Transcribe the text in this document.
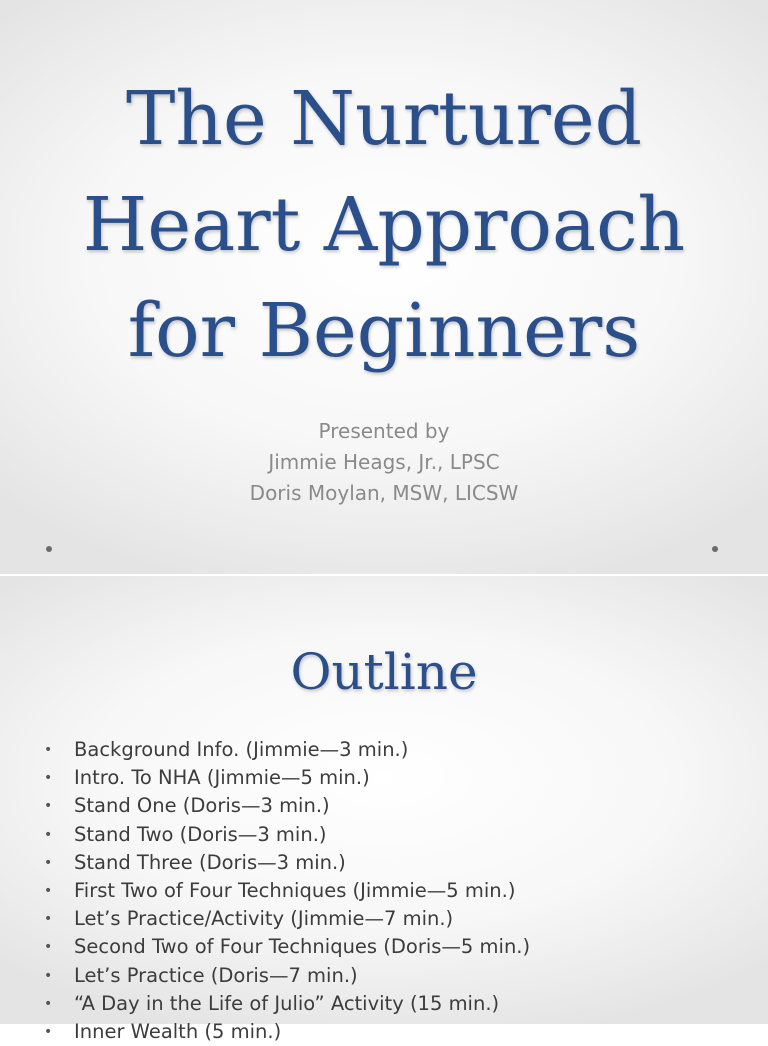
The Nurtured
Heart Approach
for Beginners
Presented by
Jimmie Heags, Jr., LPSC
Doris Moylan, MSW, LICSW
Outline
• Background Info. (Jimmie—3 min.)
• Intro. To NHA (Jimmie—5 min.)
• Stand One (Doris—3 min.)
• Stand Two (Doris—3 min.)
• Stand Three (Doris—3 min.)
• First Two of Four Techniques (Jimmie—5 min.)
• Let’s Practice/Activity (Jimmie—7 min.)
• Second Two of Four Techniques (Doris—5 min.)
• Let’s Practice (Doris—7 min.)
• “A Day in the Life of Julio” Activity (15 min.)
• Inner Wealth (5 min.)
